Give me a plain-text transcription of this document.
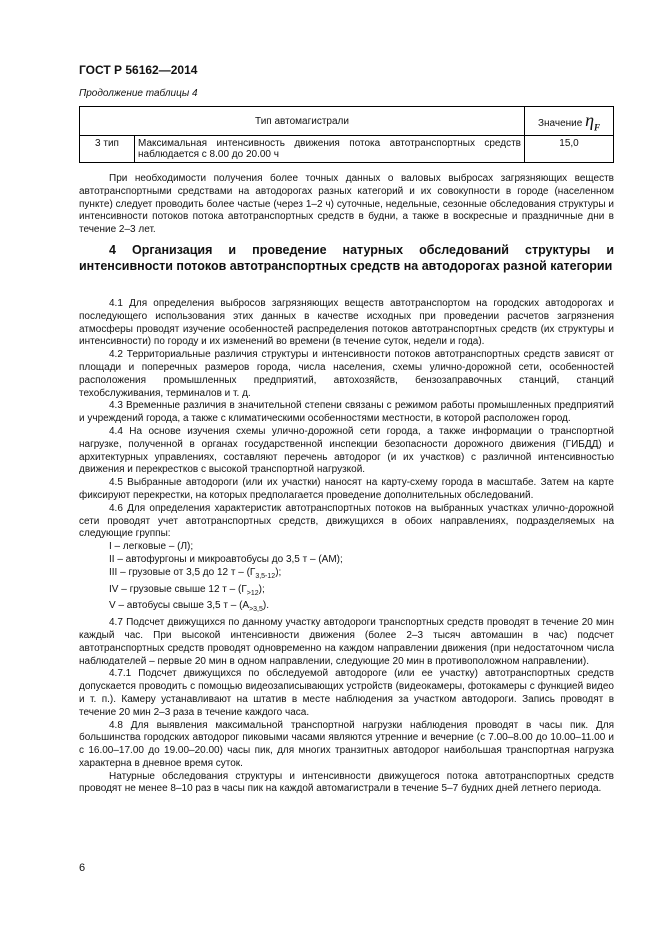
ГОСТ Р 56162—2014
Продолжение таблицы 4
Тип автомагистрали		Значение $\eta_F$
3 тип	Максимальная интенсивность движения потока автотранспортных средств наблюдается с 8.00 до 20.00 ч	15,0

При необходимости получения более точных данных о валовых выбросах загрязняющих веществ автотранспортными средствами на автодорогах разных категорий и их совокупности в городе (населенном пункте) следует проводить более частые (через 1–2 ч) суточные, недельные, сезонные обследования структуры и интенсивности потоков потока автотранспортных средств в будни, а также в воскресные и праздничные дни в течение 2–3 лет.

4 Организация и проведение натурных обследований структуры и интенсивности потоков автотранспортных средств на автодорогах разной категории

4.1 Для определения выбросов загрязняющих веществ автотранспортом на городских автодорогах и последующего использования этих данных в качестве исходных при проведении расчетов загрязнения атмосферы проводят изучение особенностей распределения потоков автотранспортных средств (их структуры и интенсивности) по городу и их изменений во времени (в течение суток, недели и года).

4.2 Территориальные различия структуры и интенсивности потоков автотранспортных средств зависят от площади и поперечных размеров города, числа населения, схемы улично-дорожной сети, особенностей расположения промышленных предприятий, автохозяйств, бензозаправочных станций, станций техобслуживания, терминалов и т. д.

4.3 Временные различия в значительной степени связаны с режимом работы промышленных предприятий и учреждений города, а также с климатическими особенностями местности, в которой расположен город.

4.4 На основе изучения схемы улично-дорожной сети города, а также информации о транспортной нагрузке, полученной в органах государственной инспекции безопасности дорожного движения (ГИБДД) и архитектурных управлениях, составляют перечень автодорог (и их участков) с различной интенсивностью движения и перекрестков с высокой транспортной нагрузкой.

4.5 Выбранные автодороги (или их участки) наносят на карту-схему города в масштабе. Затем на карте фиксируют перекрестки, на которых предполагается проведение дополнительных обследований.

4.6 Для определения характеристик автотранспортных потоков на выбранных участках улично-дорожной сети проводят учет автотранспортных средств, движущихся в обоих направлениях, подразделяемых на следующие группы:

I – легковые – (Л);

II – автофургоны и микроавтобусы до 3,5 т – (АМ);

III – грузовые от 3,5 до 12 т – $(Г_{3,5-12})$;

IV – грузовые свыше 12 т – $(Г_{>12})$;

V – автобусы свыше 3,5 т – $(А_{>3,5})$.

4.7 Подсчет движущихся по данному участку автодороги транспортных средств проводят в течение 20 мин каждый час. При высокой интенсивности движения (более 2–3 тысяч автомашин в час) подсчет автотранспортных средств проводят одновременно на каждом направлении движения (при недостаточном числа наблюдателей – первые 20 мин в одном направлении, следующие 20 мин в противоположном направлении).

4.7.1 Подсчет движущихся по обследуемой автодороге (или ее участку) автотранспортных средств допускается проводить с помощью видеозаписывающих устройств (видеокамеры, фотокамеры с функцией видео и т. п.). Камеру устанавливают на штатив в месте наблюдения за участком автодороги. Запись проводят в течение 20 мин 2–3 раза в течение каждого часа.

4.8 Для выявления максимальной транспортной нагрузки наблюдения проводят в часы пик. Для большинства городских автодорог пиковыми часами являются утренние и вечерние (с 7.00–8.00 до 10.00–11.00 и с 16.00–17.00 до 19.00–20.00) часы пик, для многих транзитных автодорог наибольшая транспортная нагрузка характерна в дневное время суток.

Натурные обследования структуры и интенсивности движущегося потока автотранспортных средств проводят не менее 8–10 раз в часы пик на каждой автомагистрали в течение 5–7 будних дней летнего периода.

6
